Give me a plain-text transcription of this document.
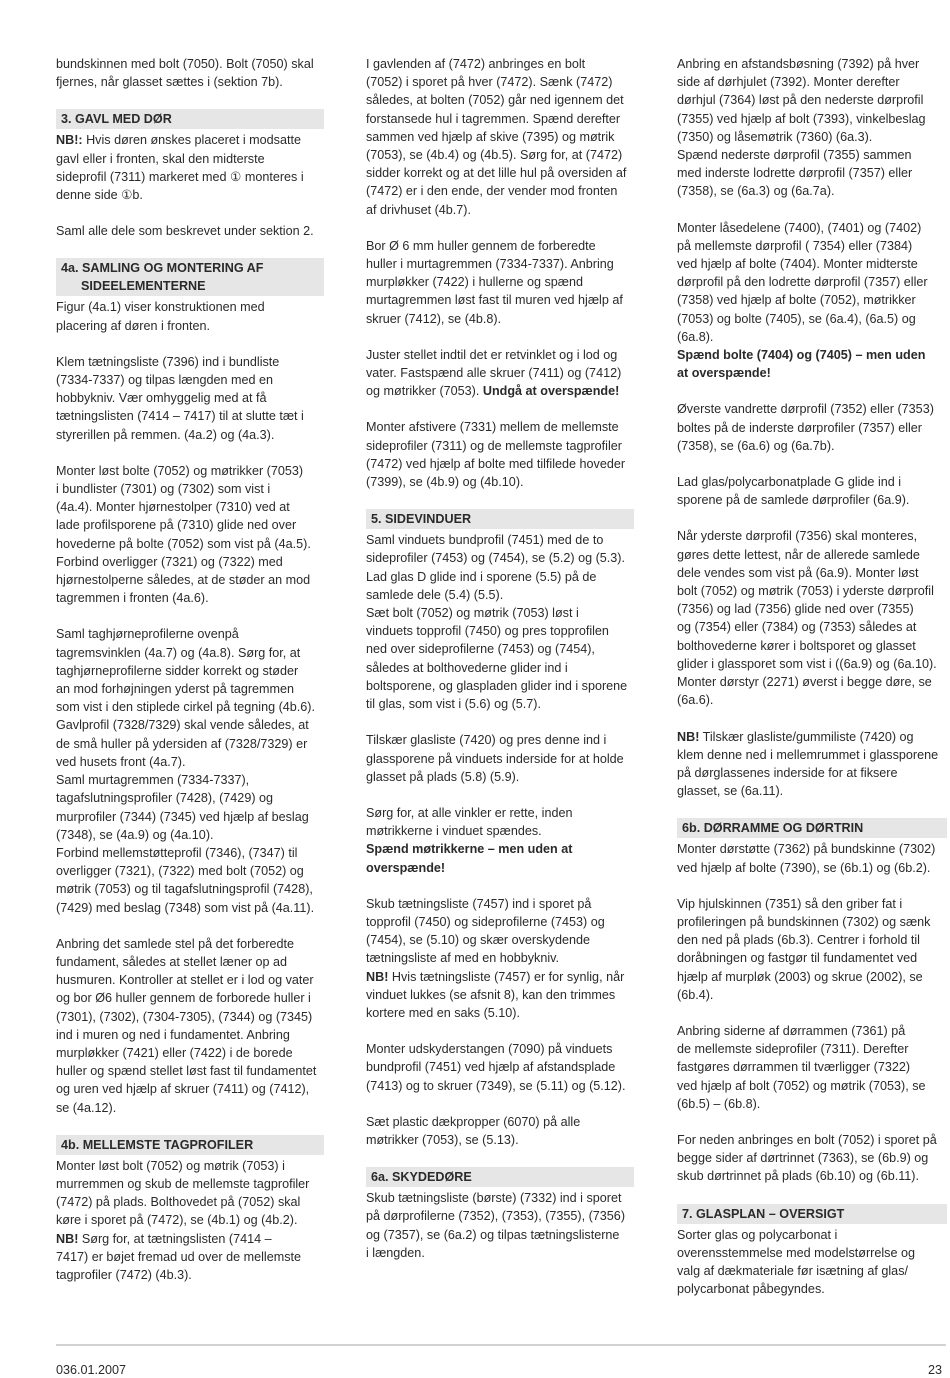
bundskinnen med bolt (7050). Bolt (7050) skal
fjernes, når glasset sættes i (sektion 7b).
3. GAVL MED DØR
NB!: Hvis døren ønskes placeret i modsatte
gavl eller i fronten, skal den midterste
sideprofil (7311) markeret med ① monteres i
denne side ①b.
Saml alle dele som beskrevet under sektion 2.
4a. SAMLING OG MONTERING AF
SIDEELEMENTERNE
Figur (4a.1) viser konstruktionen med
placering af døren i fronten.
Klem tætningsliste (7396) ind i bundliste
(7334-7337) og tilpas længden med en
hobbykniv. Vær omhyggelig med at få
tætningslisten (7414 – 7417) til at slutte tæt i
styrerillen på remmen. (4a.2) og (4a.3).
Monter løst bolte (7052) og møtrikker (7053)
i bundlister (7301) og (7302) som vist i
(4a.4). Monter hjørnestolper (7310) ved at
lade profilsporene på (7310) glide ned over
hovederne på bolte (7052) som vist på (4a.5).
Forbind overligger (7321) og (7322) med
hjørnestolperne således, at de støder an mod
tagremmen i fronten (4a.6).
Saml taghjørneprofilerne ovenpå
tagremsvinklen (4a.7) og (4a.8). Sørg for, at
taghjørneprofilerne sidder korrekt og støder
an mod forhøjningen yderst på tagremmen
som vist i den stiplede cirkel på tegning (4b.6).
Gavlprofil (7328/7329) skal vende således, at
de små huller på ydersiden af (7328/7329) er
ved husets front (4a.7).
Saml murtagremmen (7334-7337),
tagafslutningsprofiler (7428), (7429) og
murprofiler (7344) (7345) ved hjælp af beslag
(7348), se (4a.9) og (4a.10).
Forbind mellemstøtteprofil (7346), (7347) til
overligger (7321), (7322) med bolt (7052) og
møtrik (7053) og til tagafslutningsprofil (7428),
(7429) med beslag (7348) som vist på (4a.11).
Anbring det samlede stel på det forberedte
fundament, således at stellet læner op ad
husmuren. Kontroller at stellet er i lod og vater
og bor Ø6 huller gennem de forborede huller i
(7301), (7302), (7304-7305), (7344) og (7345)
ind i muren og ned i fundamentet. Anbring
murpløkker (7421) eller (7422) i de borede
huller og spænd stellet løst fast til fundamentet
og uren ved hjælp af skruer (7411) og (7412),
se (4a.12).
4b. MELLEMSTE TAGPROFILER
Monter løst bolt (7052) og møtrik (7053) i
murremmen og skub de mellemste tagprofiler
(7472) på plads. Bolthovedet på (7052) skal
køre i sporet på (7472), se (4b.1) og (4b.2).
NB! Sørg for, at tætningslisten (7414 –
7417) er bøjet fremad ud over de mellemste
tagprofiler (7472) (4b.3).
I gavlenden af (7472) anbringes en bolt
(7052) i sporet på hver (7472). Sænk (7472)
således, at bolten (7052) går ned igennem det
forstansede hul i tagremmen. Spænd derefter
sammen ved hjælp af skive (7395) og møtrik
(7053), se (4b.4) og (4b.5). Sørg for, at (7472)
sidder korrekt og at det lille hul på oversiden af
(7472) er i den ende, der vender mod fronten
af drivhuset (4b.7).
Bor Ø 6 mm huller gennem de forberedte
huller i murtagremmen (7334-7337). Anbring
murpløkker (7422) i hullerne og spænd
murtagremmen løst fast til muren ved hjælp af
skruer (7412), se (4b.8).
Juster stellet indtil det er retvinklet og i lod og
vater. Fastspænd alle skruer (7411) og (7412)
og møtrikker (7053). Undgå at overspænde!
Monter afstivere (7331) mellem de mellemste
sideprofiler (7311) og de mellemste tagprofiler
(7472) ved hjælp af bolte med tilfilede hoveder
(7399), se (4b.9) og (4b.10).
5. SIDEVINDUER
Saml vinduets bundprofil (7451) med de to
sideprofiler (7453) og (7454), se (5.2) og (5.3).
Lad glas D glide ind i sporene (5.5) på de
samlede dele (5.4) (5.5).
Sæt bolt (7052) og møtrik (7053) løst i
vinduets topprofil (7450) og pres topprofilen
ned over sideprofilerne (7453) og (7454),
således at bolthovederne glider ind i
boltsporene, og glaspladen glider ind i sporene
til glas, som vist i (5.6) og (5.7).
Tilskær glasliste (7420) og pres denne ind i
glassporene på vinduets inderside for at holde
glasset på plads (5.8) (5.9).
Sørg for, at alle vinkler er rette, inden
møtrikkerne i vinduet spændes.
Spænd møtrikkerne – men uden at
overspænde!
Skub tætningsliste (7457) ind i sporet på
topprofil (7450) og sideprofilerne (7453) og
(7454), se (5.10) og skær overskydende
tætningsliste af med en hobbykniv.
NB! Hvis tætningsliste (7457) er for synlig, når
vinduet lukkes (se afsnit 8), kan den trimmes
kortere med en saks (5.10).
Monter udskyderstangen (7090) på vinduets
bundprofil (7451) ved hjælp af afstandsplade
(7413) og to skruer (7349), se (5.11) og (5.12).
Sæt plastic dækpropper (6070) på alle
møtrikker (7053), se (5.13).
6a. SKYDEDØRE
Skub tætningsliste (børste) (7332) ind i sporet
på dørprofilerne (7352), (7353), (7355), (7356)
og (7357), se (6a.2) og tilpas tætningslisterne
i længden.
Anbring en afstandsbøsning (7392) på hver
side af dørhjulet (7392). Monter derefter
dørhjul (7364) løst på den nederste dørprofil
(7355) ved hjælp af bolt (7393), vinkelbeslag
(7350) og låsemøtrik (7360) (6a.3).
Spænd nederste dørprofil (7355) sammen
med inderste lodrette dørprofil (7357) eller
(7358), se (6a.3) og (6a.7a).
Monter låsedelene (7400), (7401) og (7402)
på mellemste dørprofil ( 7354) eller (7384)
ved hjælp af bolte (7404). Monter midterste
dørprofil på den lodrette dørprofil (7357) eller
(7358) ved hjælp af bolte (7052), møtrikker
(7053) og bolte (7405), se (6a.4), (6a.5) og
(6a.8).
Spænd bolte (7404) og (7405) – men uden
at overspænde!
Øverste vandrette dørprofil (7352) eller (7353)
boltes på de inderste dørprofiler (7357) eller
(7358), se (6a.6) og (6a.7b).
Lad glas/polycarbonatplade G glide ind i
sporene på de samlede dørprofiler (6a.9).
Når yderste dørprofil (7356) skal monteres,
gøres dette lettest, når de allerede samlede
dele vendes som vist på (6a.9). Monter løst
bolt (7052) og møtrik (7053) i yderste dørprofil
(7356) og lad (7356) glide ned over (7355)
og (7354) eller (7384) og (7353) således at
bolthovederne kører i boltsporet og glasset
glider i glassporet som vist i ((6a.9) og (6a.10).
Monter dørstyr (2271) øverst i begge døre, se
(6a.6).
NB! Tilskær glasliste/gummiliste (7420) og
klem denne ned i mellemrummet i glassporene
på dørglassenes inderside for at fiksere
glasset, se (6a.11).
6b. DØRRAMME OG DØRTRIN
Monter dørstøtte (7362) på bundskinne (7302)
ved hjælp af bolte (7390), se (6b.1) og (6b.2).
Vip hjulskinnen (7351) så den griber fat i
profileringen på bundskinnen (7302) og sænk
den ned på plads (6b.3). Centrer i forhold til
doråbningen og fastgør til fundamentet ved
hjælp af murpløk (2003) og skrue (2002), se
(6b.4).
Anbring siderne af dørrammen (7361) på
de mellemste sideprofiler (7311). Derefter
fastgøres dørrammen til tværligger (7322)
ved hjælp af bolt (7052) og møtrik (7053), se
(6b.5) – (6b.8).
For neden anbringes en bolt (7052) i sporet på
begge sider af dørtrinnet (7363), se (6b.9) og
skub dørtrinnet på plads (6b.10) og (6b.11).
7. GLASPLAN – OVERSIGT
Sorter glas og polycarbonat i
overensstemmelse med modelstørrelse og
valg af dækmateriale før isætning af glas/
polycarbonat påbegyndes.
036.01.2007	23
